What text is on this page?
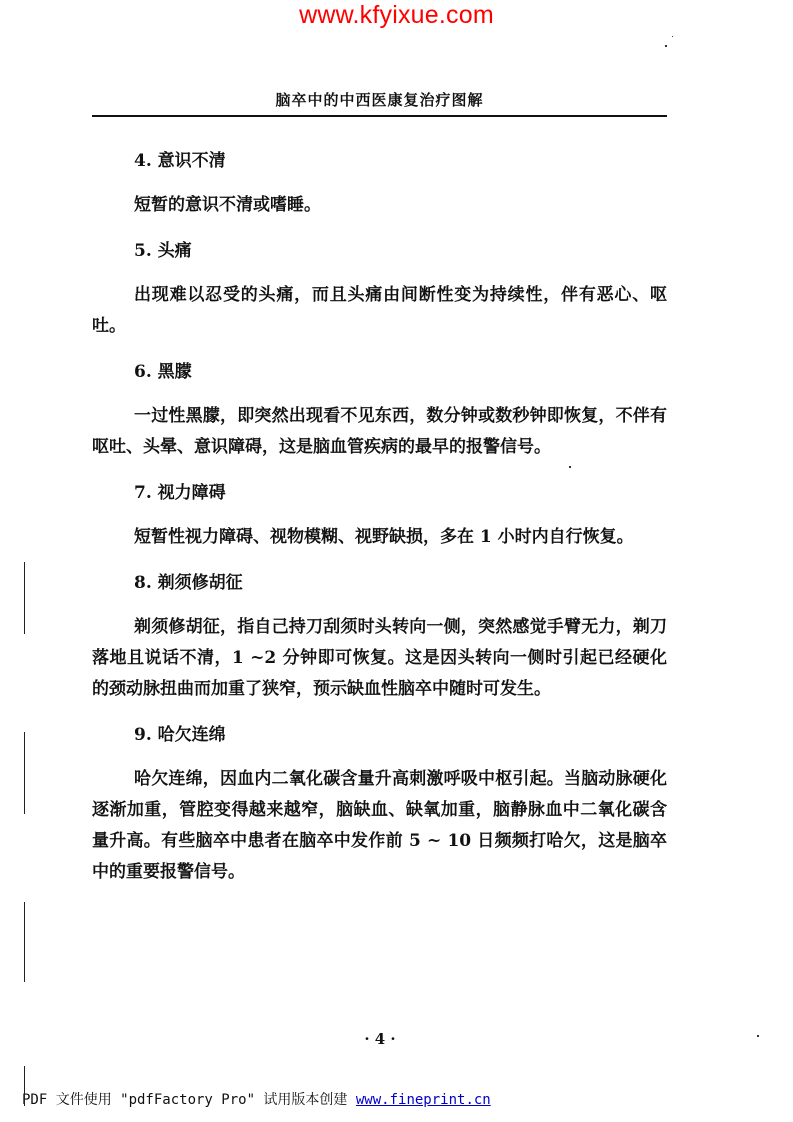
www.kfyixue.com
脑卒中的中西医康复治疗图解
4. 意识不清

短暂的意识不清或嗜睡。

5. 头痛

出现难以忍受的头痛，而且头痛由间断性变为持续性，伴有恶心、呕吐。

6. 黑朦

一过性黑朦，即突然出现看不见东西，数分钟或数秒钟即恢复，不伴有呕吐、头晕、意识障碍，这是脑血管疾病的最早的报警信号。

7. 视力障碍

短暂性视力障碍、视物模糊、视野缺损，多在 1 小时内自行恢复。

8. 剃须修胡征

剃须修胡征，指自己持刀刮须时头转向一侧，突然感觉手臂无力，剃刀落地且说话不清，1 ~2 分钟即可恢复。这是因头转向一侧时引起已经硬化的颈动脉扭曲而加重了狭窄，预示缺血性脑卒中随时可发生。

9. 哈欠连绵

哈欠连绵，因血内二氧化碳含量升高刺激呼吸中枢引起。当脑动脉硬化逐渐加重，管腔变得越来越窄，脑缺血、缺氧加重，脑静脉血中二氧化碳含量升高。有些脑卒中患者在脑卒中发作前 5 ~ 10 日频频打哈欠，这是脑卒中的重要报警信号。

· 4 ·
PDF 文件使用 "pdfFactory Pro" 试用版本创建 www.fineprint.cn
